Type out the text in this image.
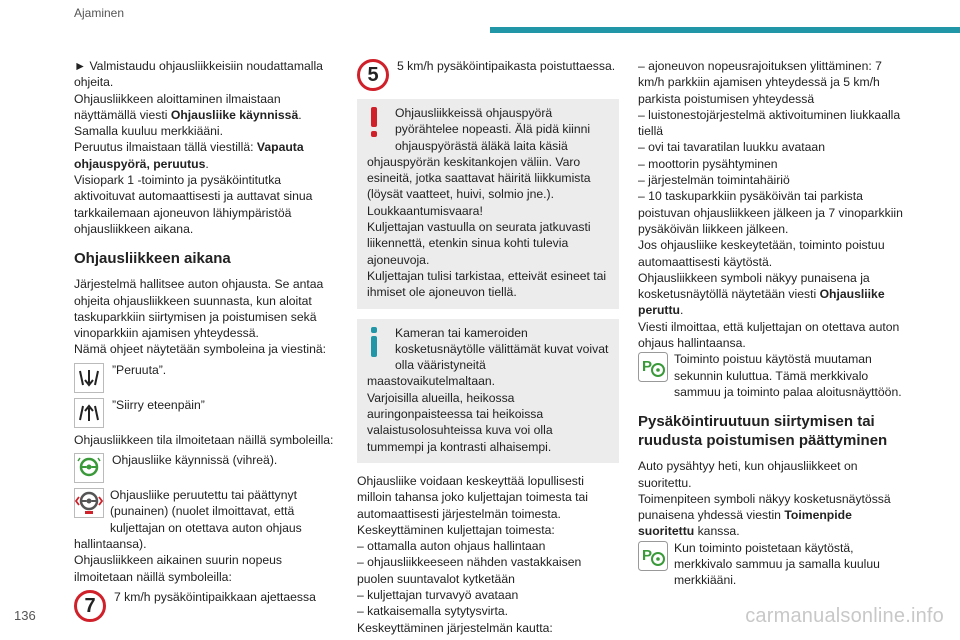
Ajaminen

► Valmistaudu ohjausliikkeisiin noudattamalla ohjeita.

Ohjausliikkeen aloittaminen ilmaistaan näyttämällä viesti Ohjausliike käynnissä.

Samalla kuuluu merkkiääni.

Peruutus ilmaistaan tällä viestillä: Vapauta ohjauspyörä, peruutus.

Visiopark 1 -toiminto ja pysäköintitutka aktivoituvat automaattisesti ja auttavat sinua tarkkailemaan ajoneuvon lähiympäristöä ohjausliikkeen aikana.

Ohjausliikkeen aikana

Järjestelmä hallitsee auton ohjausta. Se antaa ohjeita ohjausliikkeen suunnasta, kun aloitat taskuparkkiin siirtymisen ja poistumisen sekä vinoparkkiin ajamisen yhteydessä.

Nämä ohjeet näytetään symboleina ja viestinä:

”Peruuta”.
”Siirry eteenpäin”

Ohjausliikkeen tila ilmoitetaan näillä symboleilla:

Ohjausliike käynnissä (vihreä).
Ohjausliike peruutettu tai päättynyt (punainen) (nuolet ilmoittavat, että kuljettajan on otettava auton ohjaus hallintaansa).

Ohjausliikkeen aikainen suurin nopeus ilmoitetaan näillä symboleilla:

7	7 km/h pysäköintipaikkaan ajettaessa
5	5 km/h pysäköintipaikasta poistuttaessa.

Ohjausliikkeissä ohjauspyörä pyörähtelee nopeasti. Älä pidä kiinni ohjauspyörästä äläkä laita käsiä ohjauspyörän keskitankojen väliin. Varo esineitä, jotka saattavat häiritä liikkumista (löysät vaatteet, huivi, solmio jne.). Loukkaantumisvaara!

Kuljettajan vastuulla on seurata jatkuvasti liikennettä, etenkin sinua kohti tulevia ajoneuvoja.

Kuljettajan tulisi tarkistaa, etteivät esineet tai ihmiset ole ajoneuvon tiellä.

Kameran tai kameroiden kosketusnäytölle välittämät kuvat voivat olla vääristyneitä maastovaikutelmaltaan.

Varjoisilla alueilla, heikossa auringonpaisteessa tai heikoissa valaistusolosuhteissa kuva voi olla tummempi ja kontrasti alhaisempi.

Ohjausliike voidaan keskeyttää lopullisesti milloin tahansa joko kuljettajan toimesta tai automaattisesti järjestelmän toimesta.

Keskeyttäminen kuljettajan toimesta:

– ottamalla auton ohjaus hallintaan

– ohjausliikkeeseen nähden vastakkaisen puolen suuntavalot kytketään

– kuljettajan turvavyö avataan

– katkaisemalla sytytysvirta.

Keskeyttäminen järjestelmän kautta:

– ajoneuvon nopeusrajoituksen ylittäminen: 7 km/h parkkiin ajamisen yhteydessä ja 5 km/h parkista poistumisen yhteydessä

– luistonestojärjestelmä aktivoituminen liukkaalla tiellä

– ovi tai tavaratilan luukku avataan

– moottorin pysähtyminen

– järjestelmän toimintahäiriö

– 10 taskuparkkiin pysäköivän tai parkista poistuvan ohjausliikkeen jälkeen ja 7 vinoparkkiin pysäköivän liikkeen jälkeen.

Jos ohjausliike keskeytetään, toiminto poistuu automaattisesti käytöstä.

Ohjausliikkeen symboli näkyy punaisena ja kosketusnäytöllä näytetään viesti Ohjausliike peruttu.

Viesti ilmoittaa, että kuljettajan on otettava auton ohjaus hallintaansa.

P Toiminto poistuu käytöstä muutaman sekunnin kuluttua. Tämä merkkivalo sammuu ja toiminto palaa aloitusnäyttöön.
Pysäköintiruutuun siirtymisen tai ruudusta poistumisen päättyminen

Auto pysähtyy heti, kun ohjausliikkeet on suoritettu.

Toimenpiteen symboli näkyy kosketusnäytössä punaisena yhdessä viestin Toimenpide suoritettu kanssa.

P Kun toiminto poistetaan käytöstä, merkkivalo sammuu ja samalla kuuluu merkkiääni.
136	carmanualsonline.info
